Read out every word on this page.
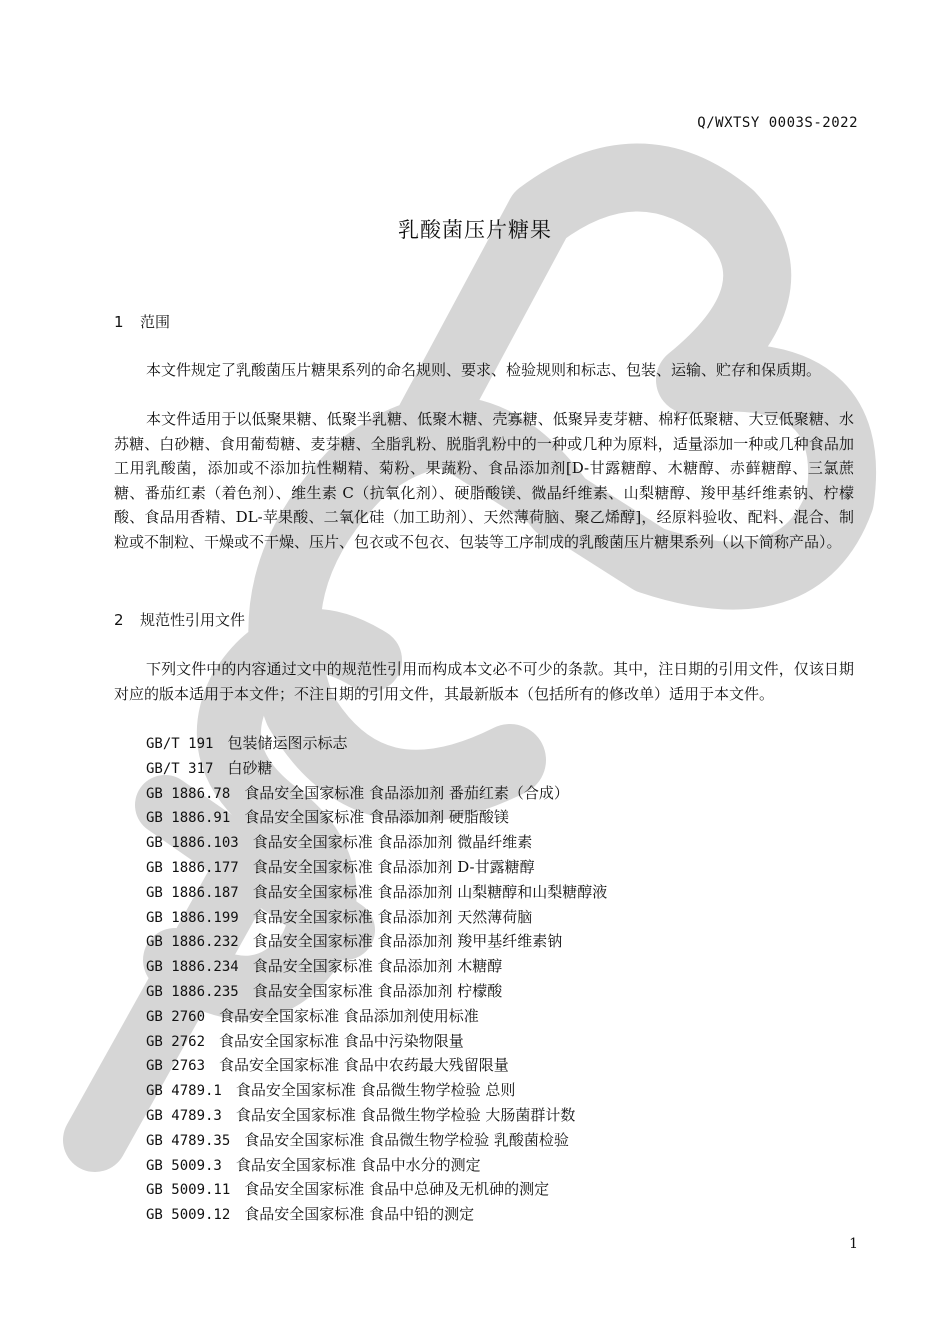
Q/WXTSY 0003S-2022
乳酸菌压片糖果
1 范围

本文件规定了乳酸菌压片糖果系列的命名规则、要求、检验规则和标志、包装、运输、贮存和保质期。

本文件适用于以低聚果糖、低聚半乳糖、低聚木糖、壳寡糖、低聚异麦芽糖、棉籽低聚糖、大豆低聚糖、水苏糖、白砂糖、食用葡萄糖、麦芽糖、全脂乳粉、脱脂乳粉中的一种或几种为原料，适量添加一种或几种食品加工用乳酸菌，添加或不添加抗性糊精、菊粉、果蔬粉、食品添加剂[D-甘露糖醇、木糖醇、赤藓糖醇、三氯蔗糖、番茄红素（着色剂）、维生素 C（抗氧化剂）、硬脂酸镁、微晶纤维素、山梨糖醇、羧甲基纤维素钠、柠檬酸、食品用香精、DL-苹果酸、二氧化硅（加工助剂）、天然薄荷脑、聚乙烯醇]，经原料验收、配料、混合、制粒或不制粒、干燥或不干燥、压片、包衣或不包衣、包装等工序制成的乳酸菌压片糖果系列（以下简称产品）。

2 规范性引用文件

下列文件中的内容通过文中的规范性引用而构成本文必不可少的条款。其中，注日期的引用文件，仅该日期对应的版本适用于本文件；不注日期的引用文件，其最新版本（包括所有的修改单）适用于本文件。

GB/T 191 包装储运图示标志
GB/T 317 白砂糖
GB 1886.78 食品安全国家标准 食品添加剂 番茄红素（合成）
GB 1886.91 食品安全国家标准 食品添加剂 硬脂酸镁
GB 1886.103 食品安全国家标准 食品添加剂 微晶纤维素
GB 1886.177 食品安全国家标准 食品添加剂 D-甘露糖醇
GB 1886.187 食品安全国家标准 食品添加剂 山梨糖醇和山梨糖醇液
GB 1886.199 食品安全国家标准 食品添加剂 天然薄荷脑
GB 1886.232 食品安全国家标准 食品添加剂 羧甲基纤维素钠
GB 1886.234 食品安全国家标准 食品添加剂 木糖醇
GB 1886.235 食品安全国家标准 食品添加剂 柠檬酸
GB 2760 食品安全国家标准 食品添加剂使用标准
GB 2762 食品安全国家标准 食品中污染物限量
GB 2763 食品安全国家标准 食品中农药最大残留限量
GB 4789.1 食品安全国家标准 食品微生物学检验 总则
GB 4789.3 食品安全国家标准 食品微生物学检验 大肠菌群计数
GB 4789.35 食品安全国家标准 食品微生物学检验 乳酸菌检验
GB 5009.3 食品安全国家标准 食品中水分的测定
GB 5009.11 食品安全国家标准 食品中总砷及无机砷的测定
GB 5009.12 食品安全国家标准 食品中铅的测定
1
